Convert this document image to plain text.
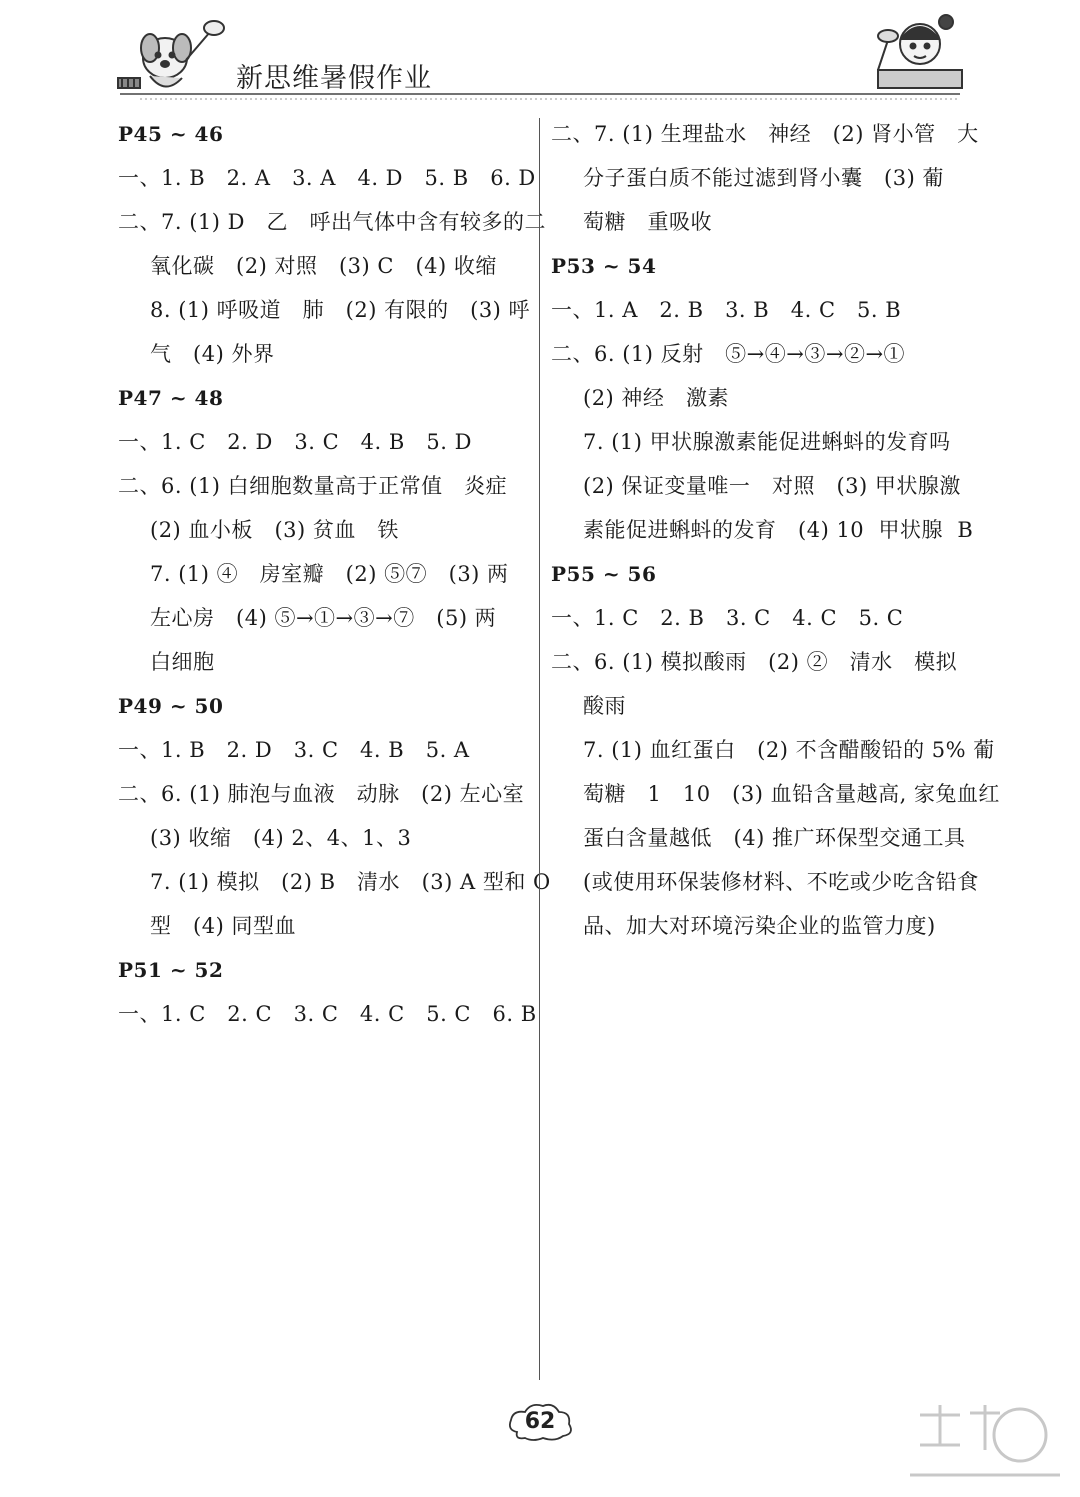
新思维暑假作业
P45 ~ 46
一、1. B   2. A   3. A   4. D   5. B   6. D
二、7. (1) D   乙   呼出气体中含有较多的二
氧化碳   (2) 对照   (3) C   (4) 收缩
8. (1) 呼吸道   肺   (2) 有限的   (3) 呼
气   (4) 外界
P47 ~ 48
一、1. C   2. D   3. C   4. B   5. D
二、6. (1) 白细胞数量高于正常值   炎症
(2) 血小板   (3) 贫血   铁
7. (1) ④   房室瓣   (2) ⑤⑦   (3) 两
左心房   (4) ⑤→①→③→⑦   (5) 两
白细胞
P49 ~ 50
一、1. B   2. D   3. C   4. B   5. A
二、6. (1) 肺泡与血液   动脉   (2) 左心室
(3) 收缩   (4) 2、4、1、3
7. (1) 模拟   (2) B   清水   (3) A 型和 O
型   (4) 同型血
P51 ~ 52
一、1. C   2. C   3. C   4. C   5. C   6. B
二、7. (1) 生理盐水   神经   (2) 肾小管   大
分子蛋白质不能过滤到肾小囊   (3) 葡
萄糖   重吸收
P53 ~ 54
一、1. A   2. B   3. B   4. C   5. B
二、6. (1) 反射   ⑤→④→③→②→①
(2) 神经   激素
7. (1) 甲状腺激素能促进蝌蚪的发育吗
(2) 保证变量唯一   对照   (3) 甲状腺激
素能促进蝌蚪的发育   (4) 10  甲状腺  B
P55 ~ 56
一、1. C   2. B   3. C   4. C   5. C
二、6. (1) 模拟酸雨   (2) ②   清水   模拟
酸雨
7. (1) 血红蛋白   (2) 不含醋酸铅的 5% 葡
萄糖   1   10   (3) 血铅含量越高, 家兔血红
蛋白含量越低   (4) 推广环保型交通工具
(或使用环保装修材料、不吃或少吃含铅食
品、加大对环境污染企业的监管力度)
62
